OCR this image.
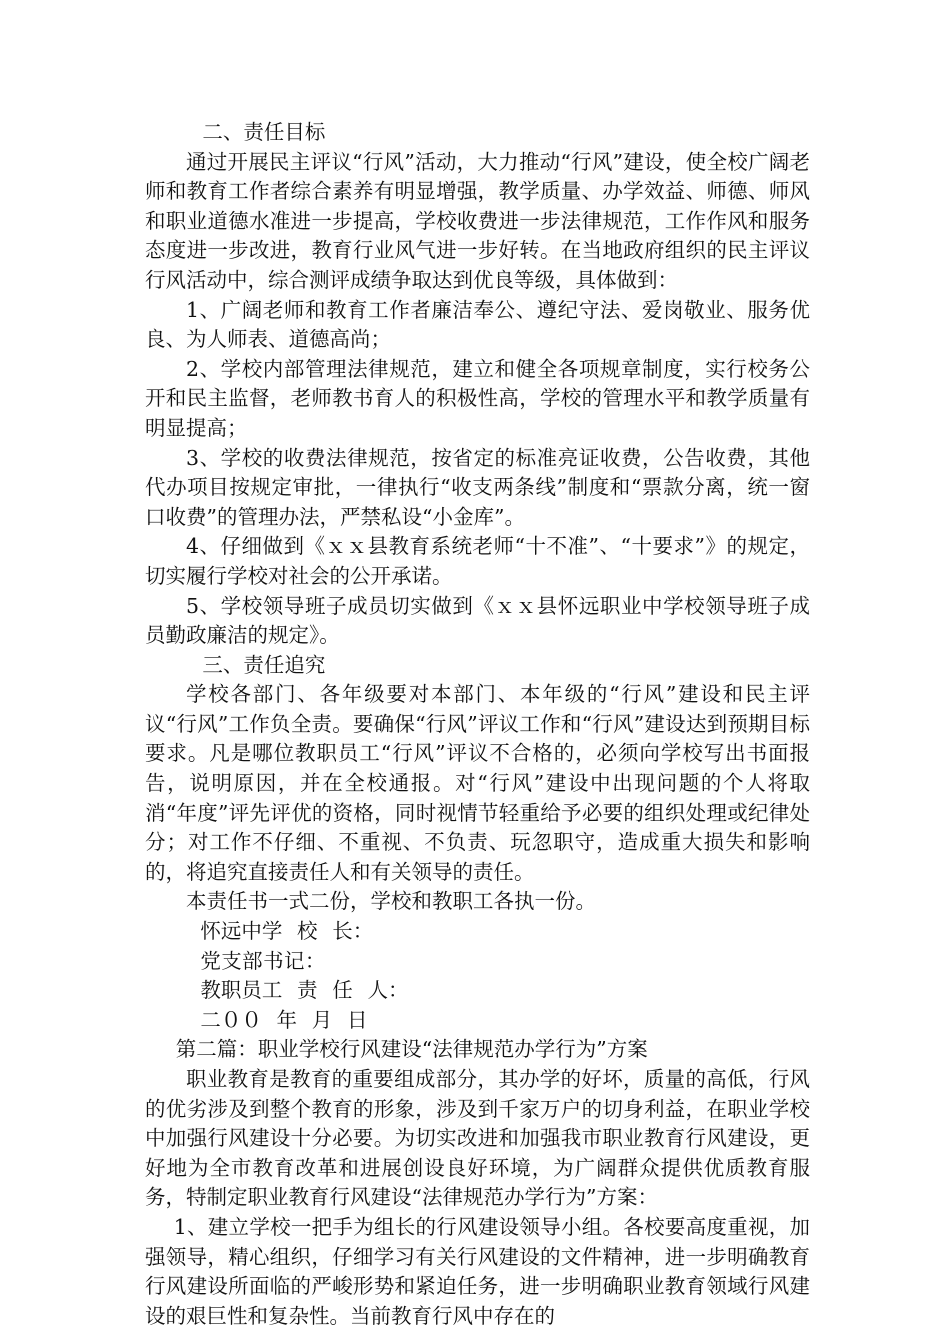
二、责任目标

通过开展民主评议“行风”活动，大力推动“行风”建设，使全校广阔老师和教育工作者综合素养有明显增强，教学质量、办学效益、师德、师风和职业道德水准进一步提高，学校收费进一步法律规范，工作作风和服务态度进一步改进，教育行业风气进一步好转。在当地政府组织的民主评议行风活动中，综合测评成绩争取达到优良等级，具体做到：

1、广阔老师和教育工作者廉洁奉公、遵纪守法、爱岗敬业、服务优良、为人师表、道德高尚；

2、学校内部管理法律规范，建立和健全各项规章制度，实行校务公开和民主监督，老师教书育人的积极性高，学校的管理水平和教学质量有明显提高；

3、学校的收费法律规范，按省定的标准亮证收费，公告收费，其他代办项目按规定审批，一律执行“收支两条线”制度和“票款分离，统一窗口收费”的管理办法，严禁私设“小金库”。

4、仔细做到《ｘｘ县教育系统老师“十不准”、“十要求”》的规定，切实履行学校对社会的公开承诺。

5、学校领导班子成员切实做到《ｘｘ县怀远职业中学校领导班子成员勤政廉洁的规定》。

三、责任追究

学校各部门、各年级要对本部门、本年级的“行风”建设和民主评议“行风”工作负全责。要确保“行风”评议工作和“行风”建设达到预期目标要求。凡是哪位教职员工“行风”评议不合格的，必须向学校写出书面报告，说明原因，并在全校通报。对“行风”建设中出现问题的个人将取消“年度”评先评优的资格，同时视情节轻重给予必要的组织处理或纪律处分；对工作不仔细、不重视、不负责、玩忽职守，造成重大损失和影响的，将追究直接责任人和有关领导的责任。

本责任书一式二份，学校和教职工各执一份。

怀远中学 校 长：

党支部书记：

教职员工 责 任 人：

二００ 年 月 日

第二篇：职业学校行风建设“法律规范办学行为”方案

职业教育是教育的重要组成部分，其办学的好坏，质量的高低，行风的优劣涉及到整个教育的形象，涉及到千家万户的切身利益，在职业学校中加强行风建设十分必要。为切实改进和加强我市职业教育行风建设，更好地为全市教育改革和进展创设良好环境，为广阔群众提供优质教育服务，特制定职业教育行风建设“法律规范办学行为”方案：

1、建立学校一把手为组长的行风建设领导小组。各校要高度重视，加强领导，精心组织，仔细学习有关行风建设的文件精神，进一步明确教育行风建设所面临的严峻形势和紧迫任务，进一步明确职业教育领域行风建设的艰巨性和复杂性。当前教育行风中存在的
